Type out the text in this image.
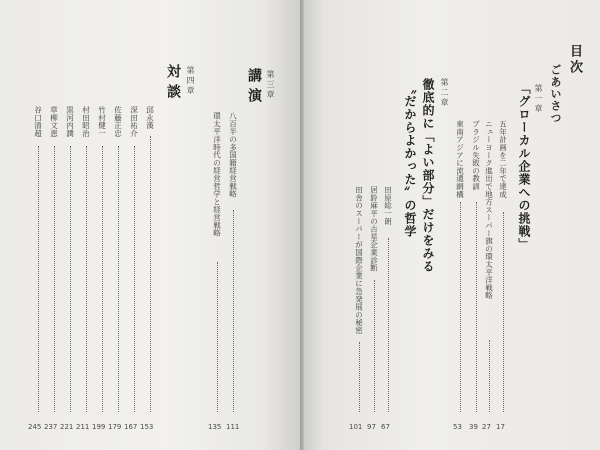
目次
ごあいさつ
第一章
「グローカル企業への挑戦」
五年計画を二年で達成
17
ニューヨーク進出で地方スーパー旗の環太平洋戦略
27
ブラジル失敗の教訓
39
東南アジアに流通網構
53
第二章
徹底的に「よい部分」だけをみる
〝だからよかった〟の哲学
田原総一朗
67
居鈴麻平の古星企業診断
97
田舎のスーパーが国際企業に急発展の秘密
101
第三章
講演
八百半の多国籍経営戦略
111
環太平洋時代の経営哲学と経営戦略
135
第四章
対談
邱永漢
153
深田祐介
167
佐藤正忠
179
竹村健一
199
村田昭治
211
黒河内潤
221
草柳文恵
237
谷口清超
245
